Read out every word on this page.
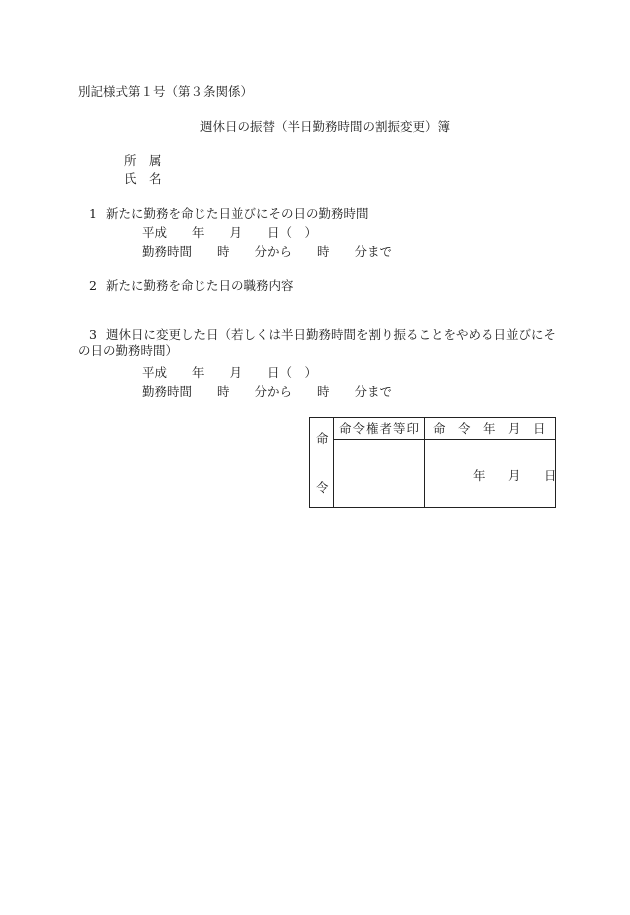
別記様式第１号（第３条関係）
週休日の振替（半日勤務時間の割振変更）簿
所　属
氏　名
1 新たに勤務を命じた日並びにその日の勤務時間
平成　　年　　月　　日（　）
勤務時間　　時　　分から　　時　　分まで
2 新たに勤務を命じた日の職務内容
3 週休日に変更した日（若しくは半日勤務時間を割り振ることをやめる日並びにその日の勤務時間）
平成　　年　　月　　日（　）
勤務時間　　時　　分から　　時　　分まで
命
令
命令権者等印 命　令　年　月　日
年 月 日
